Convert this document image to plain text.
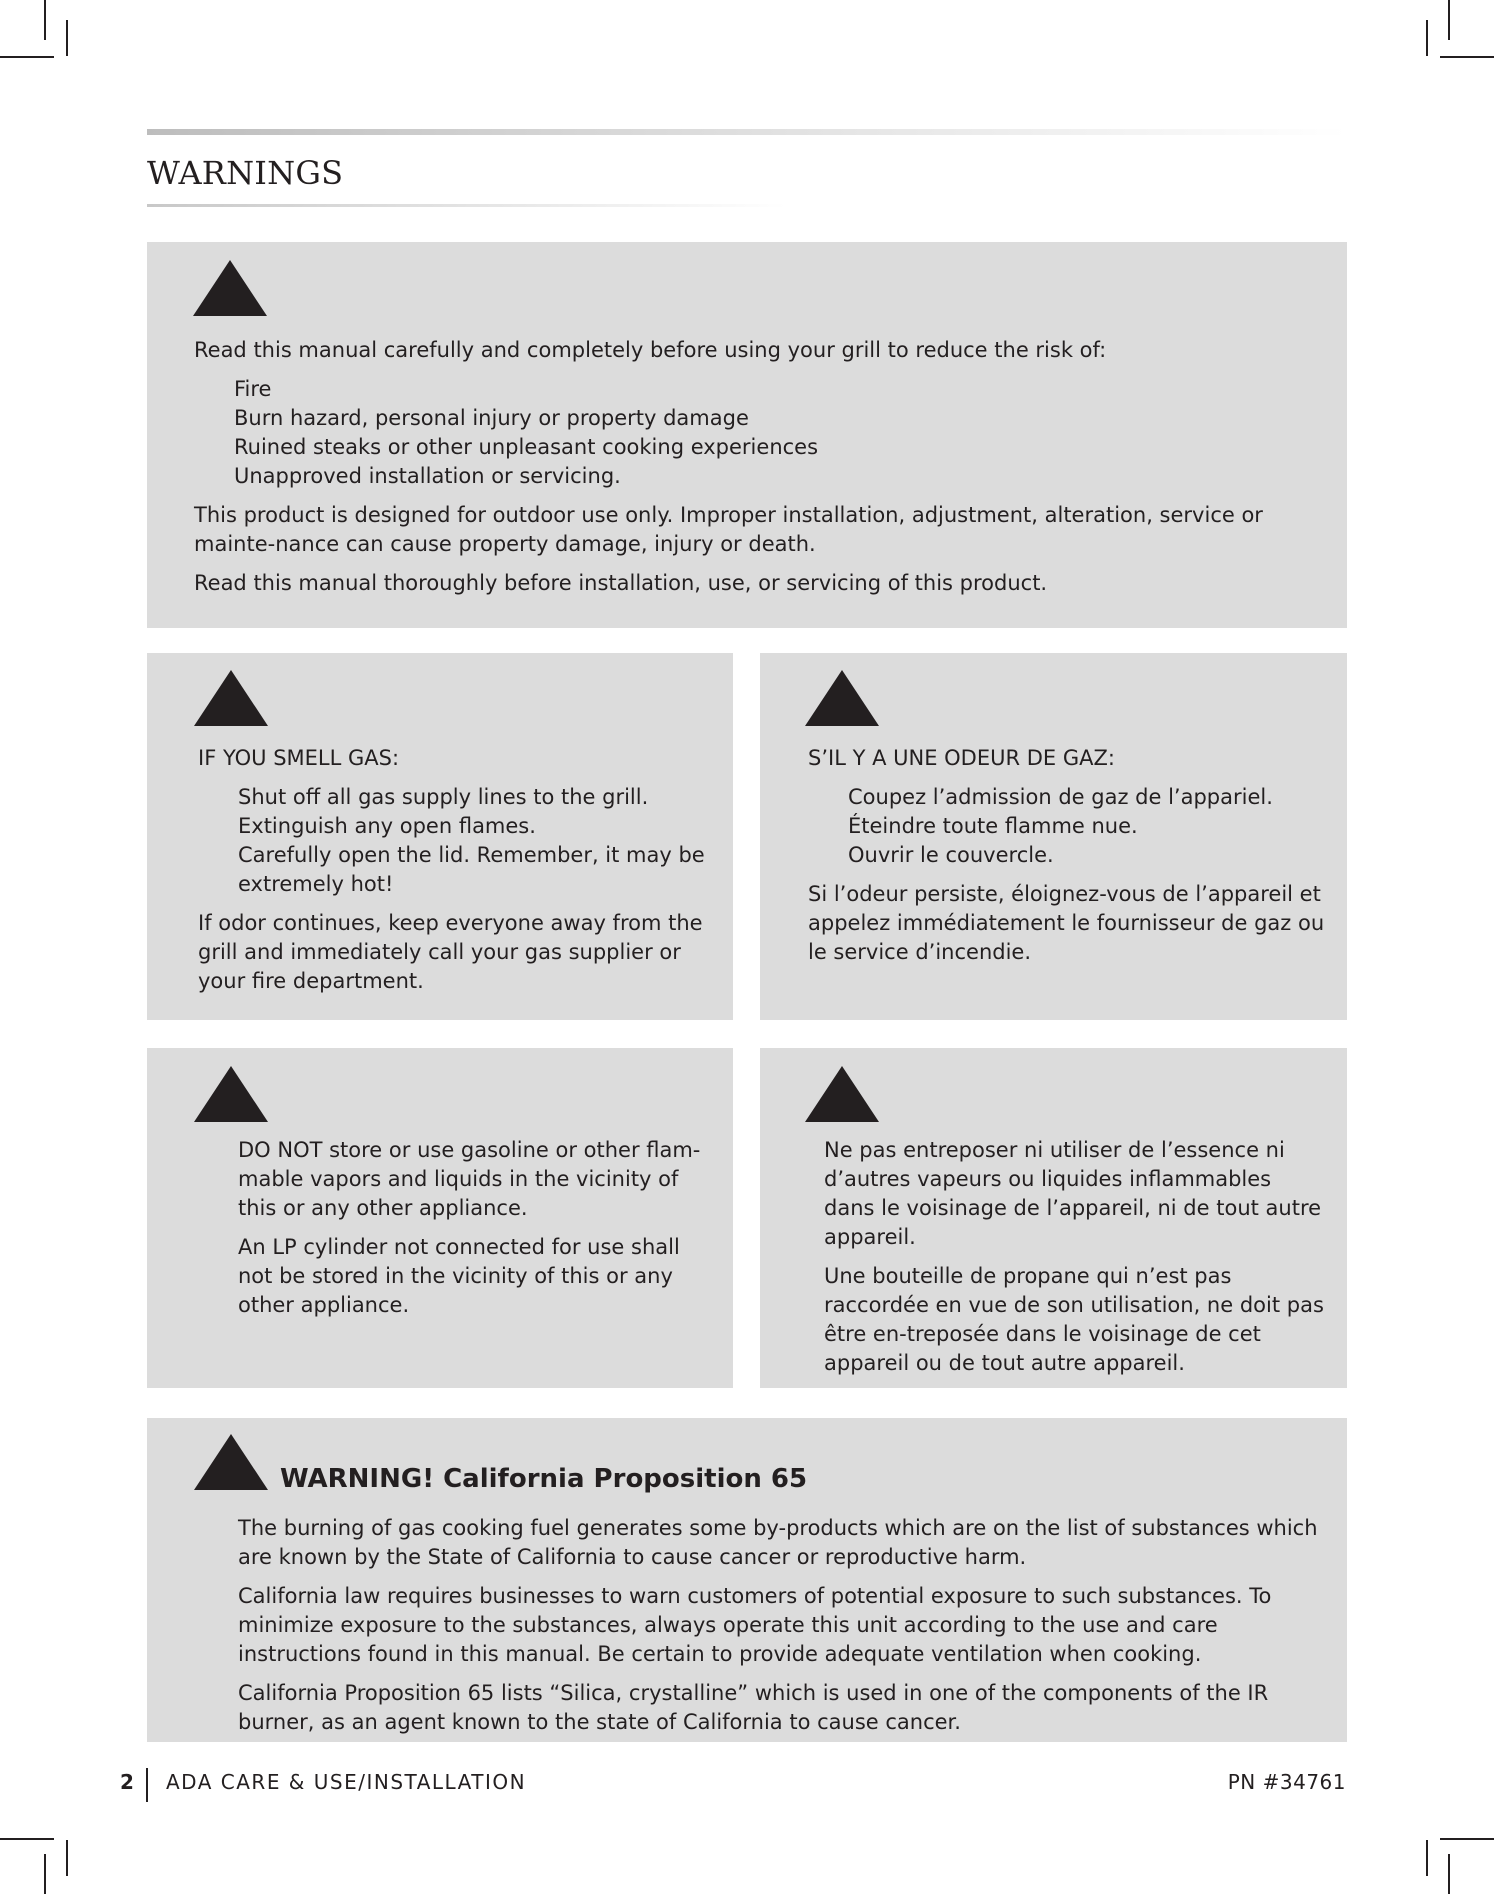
WARNINGS

Read this manual carefully and completely before using your grill to reduce the risk of:

Fire
Burn hazard, personal injury or property damage
Ruined steaks or other unpleasant cooking experiences
Unapproved installation or servicing.

This product is designed for outdoor use only. Improper installation, adjustment, alteration, service or mainte-nance can cause property damage, injury or death.

Read this manual thoroughly before installation, use, or servicing of this product.

IF YOU SMELL GAS:

Shut off all gas supply lines to the grill.
Extinguish any open flames.
Carefully open the lid. Remember, it may be extremely hot!

If odor continues, keep everyone away from the grill and immediately call your gas supplier or your fire department.

S’IL Y A UNE ODEUR DE GAZ:

Coupez l’admission de gaz de l’appariel.
Éteindre toute flamme nue.
Ouvrir le couvercle.

Si l’odeur persiste, éloignez-vous de l’appareil et appelez immédiatement le fournisseur de gaz ou le service d’incendie.

DO NOT store or use gasoline or other flam-mable vapors and liquids in the vicinity of this or any other appliance.

An LP cylinder not connected for use shall not be stored in the vicinity of this or any other appliance.

Ne pas entreposer ni utiliser de l’essence ni d’autres vapeurs ou liquides inflammables dans le voisinage de l’appareil, ni de tout autre appareil.

Une bouteille de propane qui n’est pas raccordée en vue de son utilisation, ne doit pas être en-treposée dans le voisinage de cet appareil ou de tout autre appareil.

WARNING! California Proposition 65

The burning of gas cooking fuel generates some by-products which are on the list of substances which are known by the State of California to cause cancer or reproductive harm.

California law requires businesses to warn customers of potential exposure to such substances. To minimize exposure to the substances, always operate this unit according to the use and care instructions found in this manual. Be certain to provide adequate ventilation when cooking.

California Proposition 65 lists “Silica, crystalline” which is used in one of the components of the IR burner, as an agent known to the state of California to cause cancer.

2 ADA CARE & USE/INSTALLATION	PN #34761
